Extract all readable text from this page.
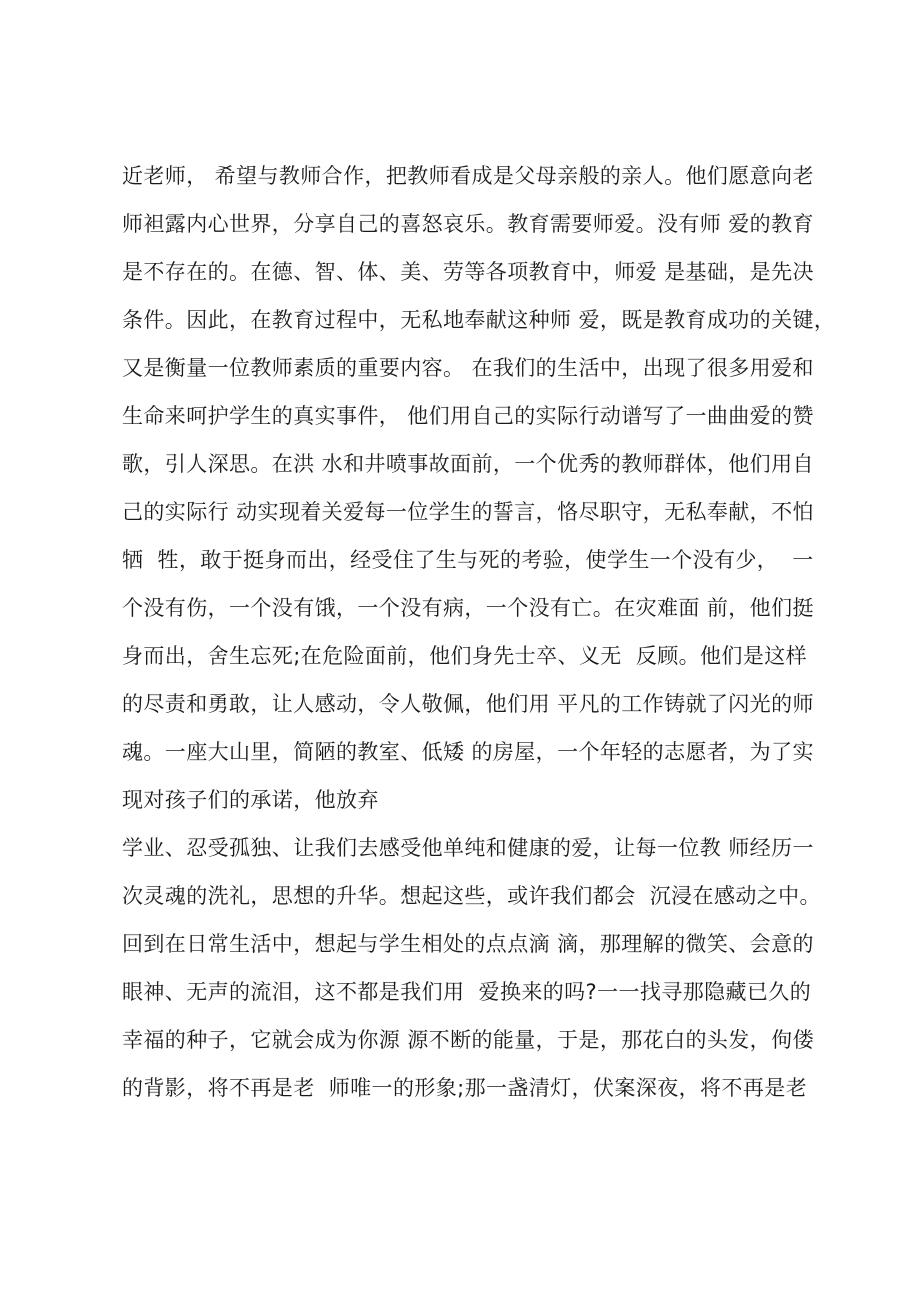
近老师， 希望与教师合作，把教师看成是父母亲般的亲人。他们愿意向老
师袒露内心世界，分享自己的喜怒哀乐。教育需要师爱。没有师 爱的教育
是不存在的。在德、智、体、美、劳等各项教育中，师爱 是基础，是先决
条件。因此，在教育过程中，无私地奉献这种师 爱，既是教育成功的关键，
又是衡量一位教师素质的重要内容。 在我们的生活中，出现了很多用爱和
生命来呵护学生的真实事件， 他们用自己的实际行动谱写了一曲曲爱的赞
歌，引人深思。在洪 水和井喷事故面前，一个优秀的教师群体，他们用自
己的实际行 动实现着关爱每一位学生的誓言，恪尽职守，无私奉献，不怕
牺  牲，敢于挺身而出，经受住了生与死的考验，使学生一个没有少，  一
个没有伤，一个没有饿，一个没有病，一个没有亡。在灾难面 前，他们挺
身而出，舍生忘死;在危险面前，他们身先士卒、义无  反顾。他们是这样
的尽责和勇敢，让人感动，令人敬佩，他们用 平凡的工作铸就了闪光的师
魂。一座大山里，简陋的教室、低矮 的房屋，一个年轻的志愿者，为了实
现对孩子们的承诺，他放弃
学业、忍受孤独、让我们去感受他单纯和健康的爱，让每一位教 师经历一
次灵魂的洗礼，思想的升华。想起这些，或许我们都会  沉浸在感动之中。
回到在日常生活中，想起与学生相处的点点滴 滴，那理解的微笑、会意的
眼神、无声的流泪，这不都是我们用  爱换来的吗?一一找寻那隐藏已久的
幸福的种子，它就会成为你源 源不断的能量，于是，那花白的头发，佝偻
的背影，将不再是老  师唯一的形象;那一盏清灯，伏案深夜，将不再是老
